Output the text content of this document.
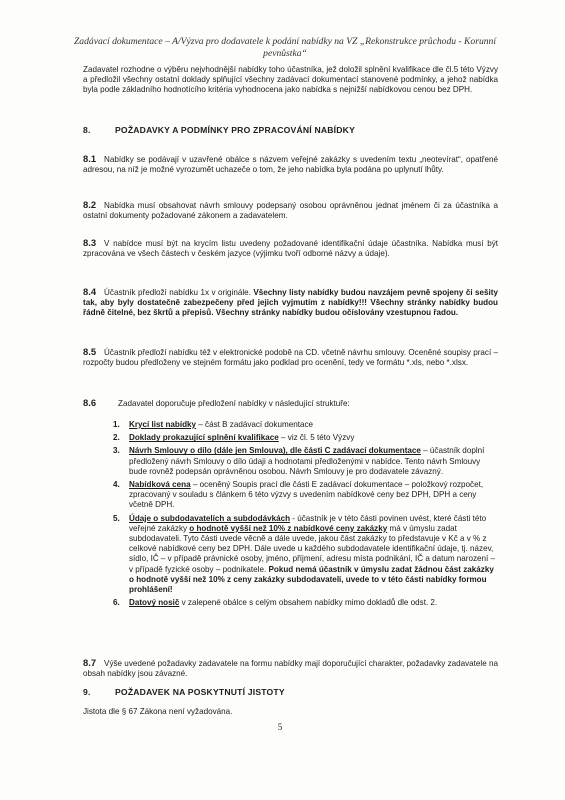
Zadávací dokumentace – A/Výzva pro dodavatele k podání nabídky na VZ „Rekonstrukce průchodu - Korunní
pevnůstka“
Zadavatel rozhodne o výběru nejvhodnější nabídky toho účastníka, jež doložil splnění kvalifikace dle čl.5 této Výzvy a předložil všechny ostatní doklady splňující všechny zadávací dokumentací stanovené podmínky, a jehož nabídka byla podle základního hodnotícího kritéria vyhodnocena jako nabídka s nejnižší nabídkovou cenou bez DPH.
8.	POŽADAVKY A PODMÍNKY PRO ZPRACOVÁNÍ NABÍDKY
8.1 Nabídky se podávají v uzavřené obálce s názvem veřejné zakázky s uvedením textu „neotevírat“, opatřené adresou, na níž je možné vyrozumět uchazeče o tom, že jeho nabídka byla podána po uplynutí lhůty.
8.2 Nabídka musí obsahovat návrh smlouvy podepsaný osobou oprávněnou jednat jménem či za účastníka a ostatní dokumenty požadované zákonem a zadavatelem.
8.3 V nabídce musí být na krycím listu uvedeny požadované identifikační údaje účastníka. Nabídka musí být zpracována ve všech částech v českém jazyce (výjimku tvoří odborné názvy a údaje).
8.4 Účastník předloží nabídku 1x v originále. Všechny listy nabídky budou navzájem pevně spojeny či sešity tak, aby byly dostatečně zabezpečeny před jejich vyjmutím z nabídky!!! Všechny stránky nabídky budou řádně čitelné, bez škrtů a přepisů. Všechny stránky nabídky budou očíslovány vzestupnou řadou.
8.5 Účastník předloží nabídku též v elektronické podobě na CD. včetně návrhu smlouvy. Oceněné soupisy prací – rozpočty budou předloženy ve stejném formátu jako podklad pro ocenění, tedy ve formátu *.xls, nebo *.xlsx.
8.6	Zadavatel doporučuje předložení nabídky v následující struktuře:
1. Krycí list nabídky – část B zadávací dokumentace
2. Doklady prokazující splnění kvalifikace – viz čl. 5 této Výzvy
3. Návrh Smlouvy o dílo (dále jen Smlouva), dle části C zadávací dokumentace – účastník doplní předložený návrh Smlouvy o dílo údaji a hodnotami předloženými v nabídce. Tento návrh Smlouvy bude rovněž podepsán oprávněnou osobou. Návrh Smlouvy je pro dodavatele závazný.
4. Nabídková cena – oceněný Soupis prací dle části E zadávací dokumentace – položkový rozpočet, zpracovaný v souladu s článkem 6 této výzvy s uvedením nabídkové ceny bez DPH, DPH a ceny včetně DPH.
5. Údaje o subdodavatelích a subdodávkách - účastník je v této části povinen uvést, které části této veřejné zakázky o hodnotě vyšší než 10% z nabídkové ceny zakázky má v úmyslu zadat subdodavateli. Tyto části uvede věcně a dále uvede, jakou část zakázky to představuje v Kč a v % z celkové nabídkové ceny bez DPH. Dále uvede u každého subdodavatele identifikační údaje, tj. název, sídlo, IČ – v případě právnické osoby, jméno, příjmení, adresu místa podnikání, IČ a datum narození – v případě fyzické osoby – podnikatele. Pokud nemá účastník v úmyslu zadat žádnou část zakázky o hodnotě vyšší než 10% z ceny zakázky subdodavateli, uvede to v této části nabídky formou prohlášení!
6. Datový nosič v zalepené obálce s celým obsahem nabídky mimo dokladů dle odst. 2.
8.7 Výše uvedené požadavky zadavatele na formu nabídky mají doporučující charakter, požadavky zadavatele na obsah nabídky jsou závazné.
9.	POŽADAVEK NA POSKYTNUTÍ JISTOTY
Jistota dle § 67 Zákona není vyžadována.
5
